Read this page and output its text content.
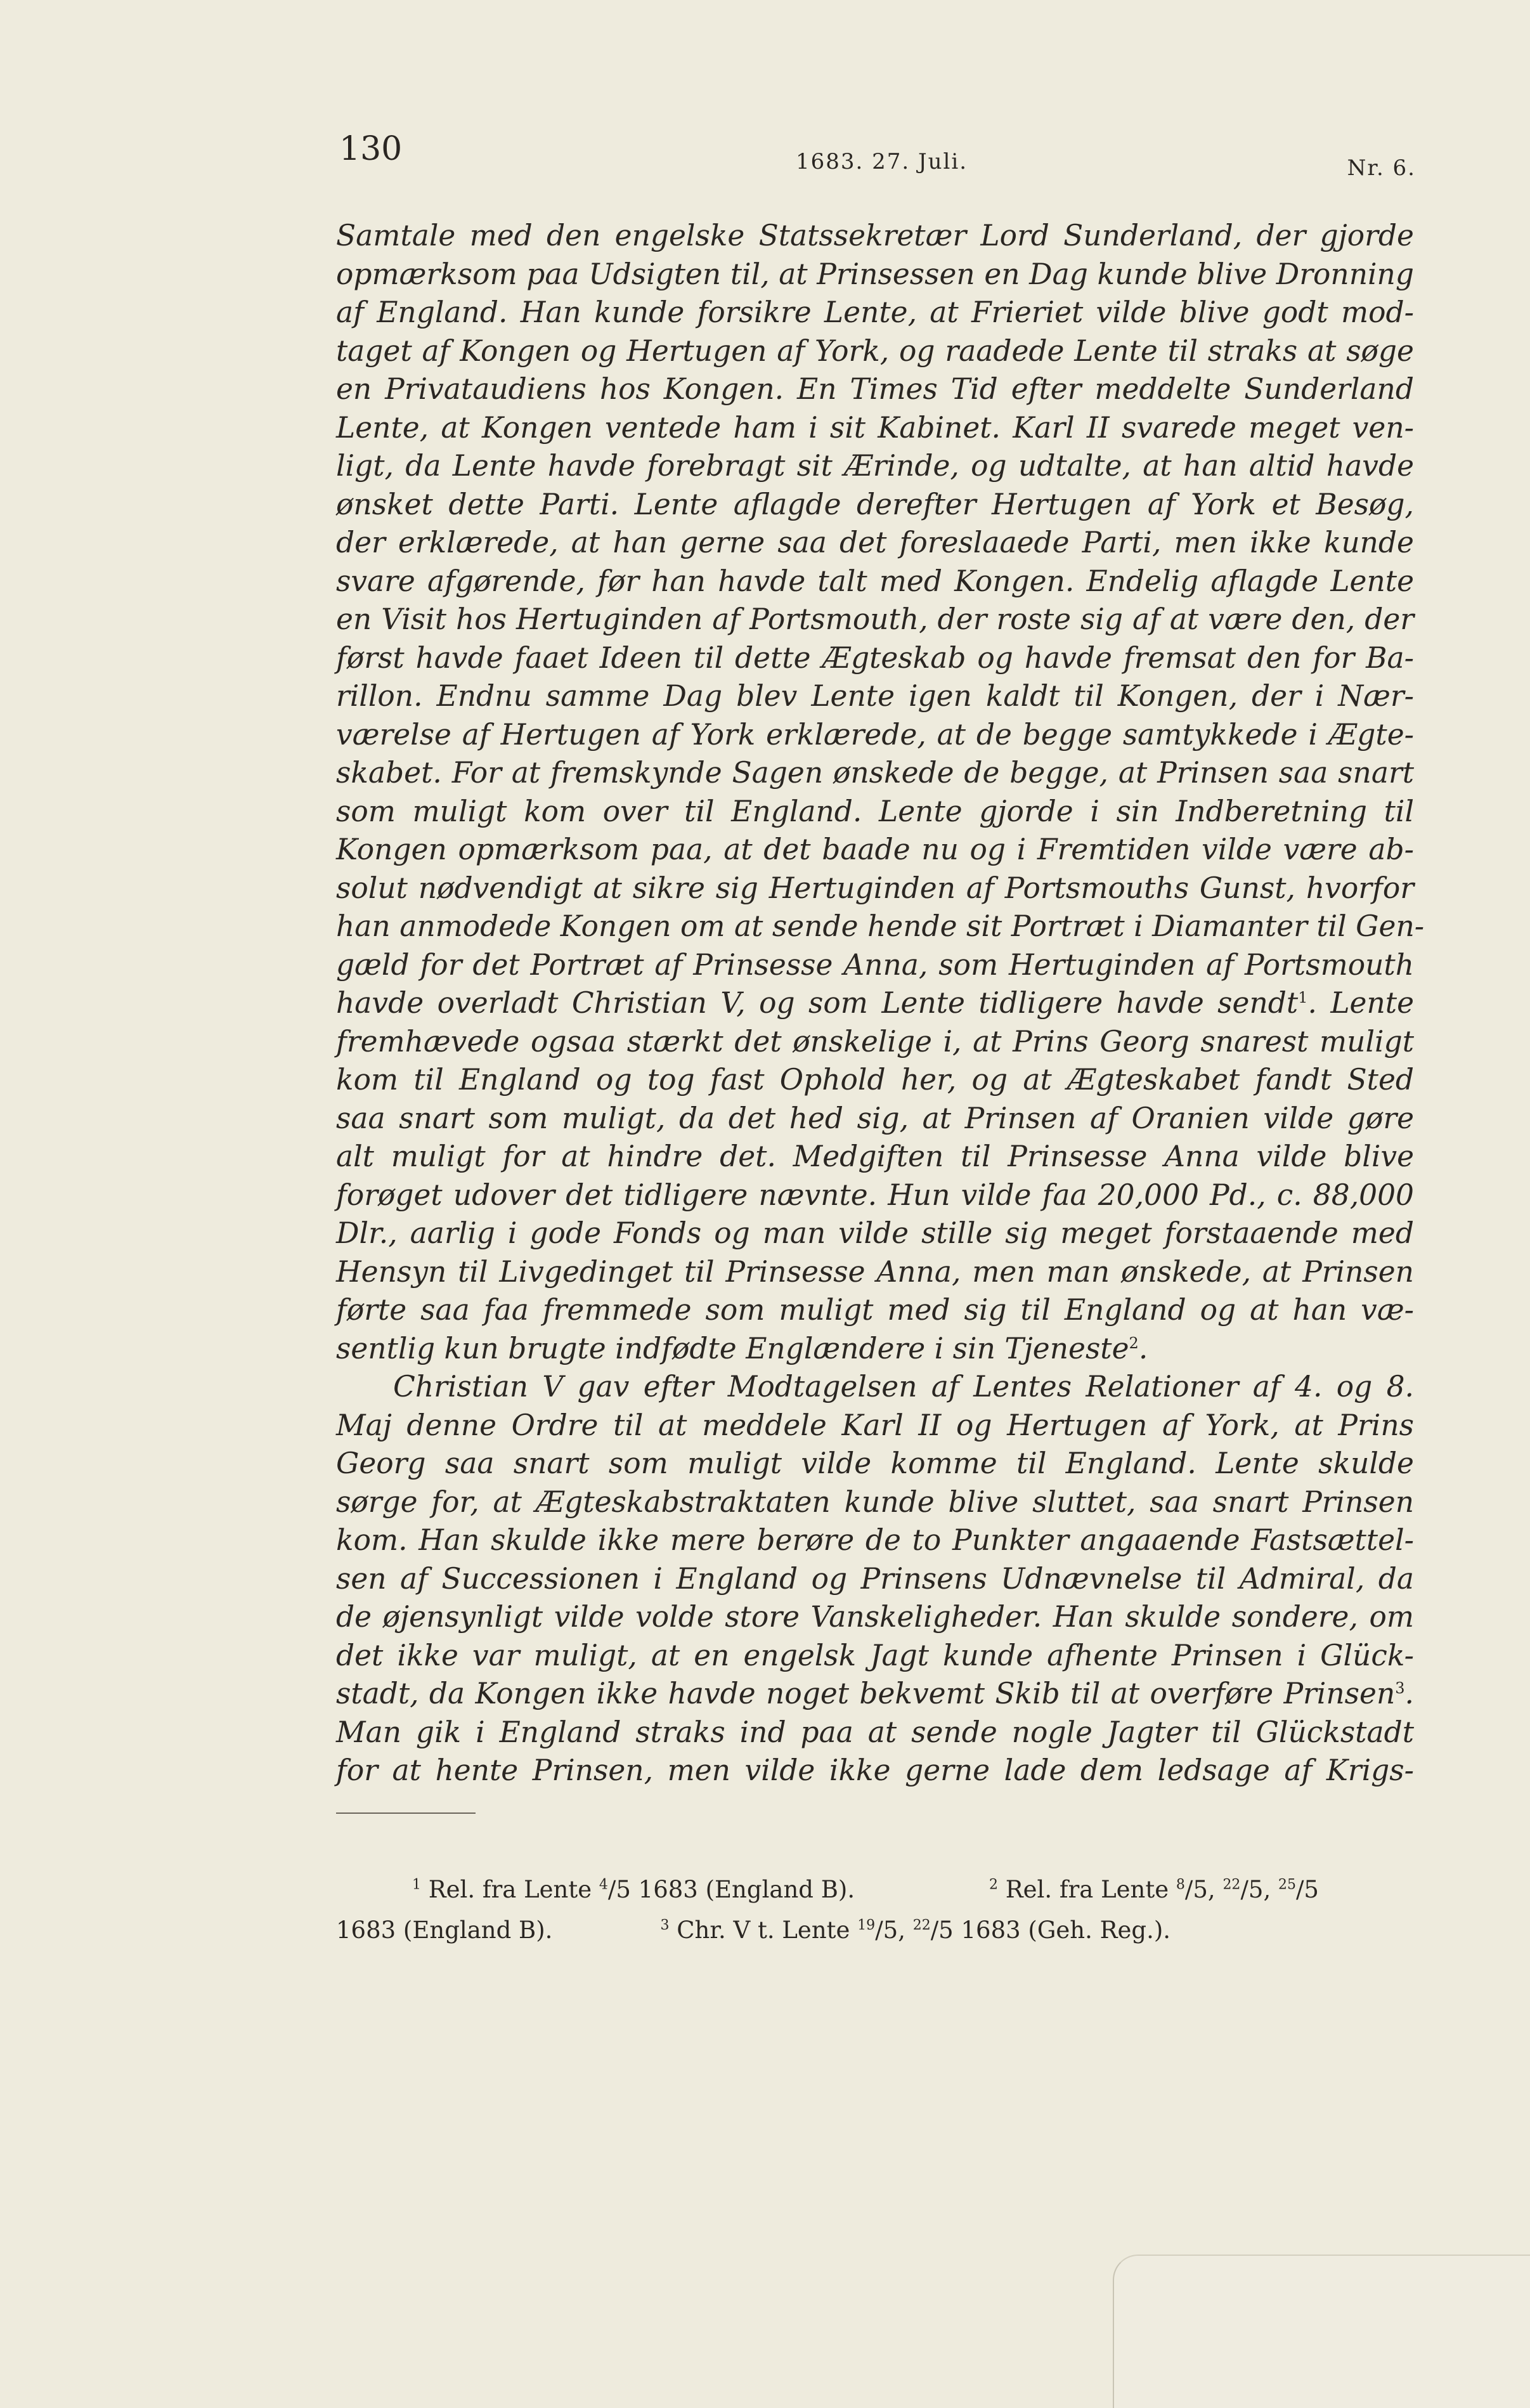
130	1683. 27. Juli.	Nr. 6.
Samtale med den engelske Statssekretær Lord Sunderland, der gjorde
opmærksom paa Udsigten til, at Prinsessen en Dag kunde blive Dronning
af England. Han kunde forsikre Lente, at Frieriet vilde blive godt mod-
taget af Kongen og Hertugen af York, og raadede Lente til straks at søge
en Privataudiens hos Kongen. En Times Tid efter meddelte Sunderland
Lente, at Kongen ventede ham i sit Kabinet. Karl II svarede meget ven-
ligt, da Lente havde forebragt sit Ærinde, og udtalte, at han altid havde
ønsket dette Parti. Lente aflagde derefter Hertugen af York et Besøg,
der erklærede, at han gerne saa det foreslaaede Parti, men ikke kunde
svare afgørende, før han havde talt med Kongen. Endelig aflagde Lente
en Visit hos Hertuginden af Portsmouth, der roste sig af at være den, der
først havde faaet Ideen til dette Ægteskab og havde fremsat den for Ba-
rillon. Endnu samme Dag blev Lente igen kaldt til Kongen, der i Nær-
værelse af Hertugen af York erklærede, at de begge samtykkede i Ægte-
skabet. For at fremskynde Sagen ønskede de begge, at Prinsen saa snart
som muligt kom over til England. Lente gjorde i sin Indberetning til
Kongen opmærksom paa, at det baade nu og i Fremtiden vilde være ab-
solut nødvendigt at sikre sig Hertuginden af Portsmouths Gunst, hvorfor
han anmodede Kongen om at sende hende sit Portræt i Diamanter til Gen-
gæld for det Portræt af Prinsesse Anna, som Hertuginden af Portsmouth
havde overladt Christian V, og som Lente tidligere havde sendt$^1$. Lente
fremhævede ogsaa stærkt det ønskelige i, at Prins Georg snarest muligt
kom til England og tog fast Ophold her, og at Ægteskabet fandt Sted
saa snart som muligt, da det hed sig, at Prinsen af Oranien vilde gøre
alt muligt for at hindre det. Medgiften til Prinsesse Anna vilde blive
forøget udover det tidligere nævnte. Hun vilde faa 20,000 Pd., c. 88,000
Dlr., aarlig i gode Fonds og man vilde stille sig meget forstaaende med
Hensyn til Livgedinget til Prinsesse Anna, men man ønskede, at Prinsen
førte saa faa fremmede som muligt med sig til England og at han væ-
sentlig kun brugte indfødte Englændere i sin Tjeneste$^2$.
Christian V gav efter Modtagelsen af Lentes Relationer af 4. og 8.
Maj denne Ordre til at meddele Karl II og Hertugen af York, at Prins
Georg saa snart som muligt vilde komme til England. Lente skulde
sørge for, at Ægteskabstraktaten kunde blive sluttet, saa snart Prinsen
kom. Han skulde ikke mere berøre de to Punkter angaaende Fastsættel-
sen af Successionen i England og Prinsens Udnævnelse til Admiral, da
de øjensynligt vilde volde store Vanskeligheder. Han skulde sondere, om
det ikke var muligt, at en engelsk Jagt kunde afhente Prinsen i Glück-
stadt, da Kongen ikke havde noget bekvemt Skib til at overføre Prinsen$^3$.
Man gik i England straks ind paa at sende nogle Jagter til Glückstadt
for at hente Prinsen, men vilde ikke gerne lade dem ledsage af Krigs-
$^1$ Rel. fra Lente $^4$/5 1683 (England B).	$^2$ Rel. fra Lente $^8$/5, $^{22}$/5, $^{25}$/5
1683 (England B).	$^3$ Chr. V t. Lente $^{19}$/5, $^{22}$/5 1683 (Geh. Reg.).
